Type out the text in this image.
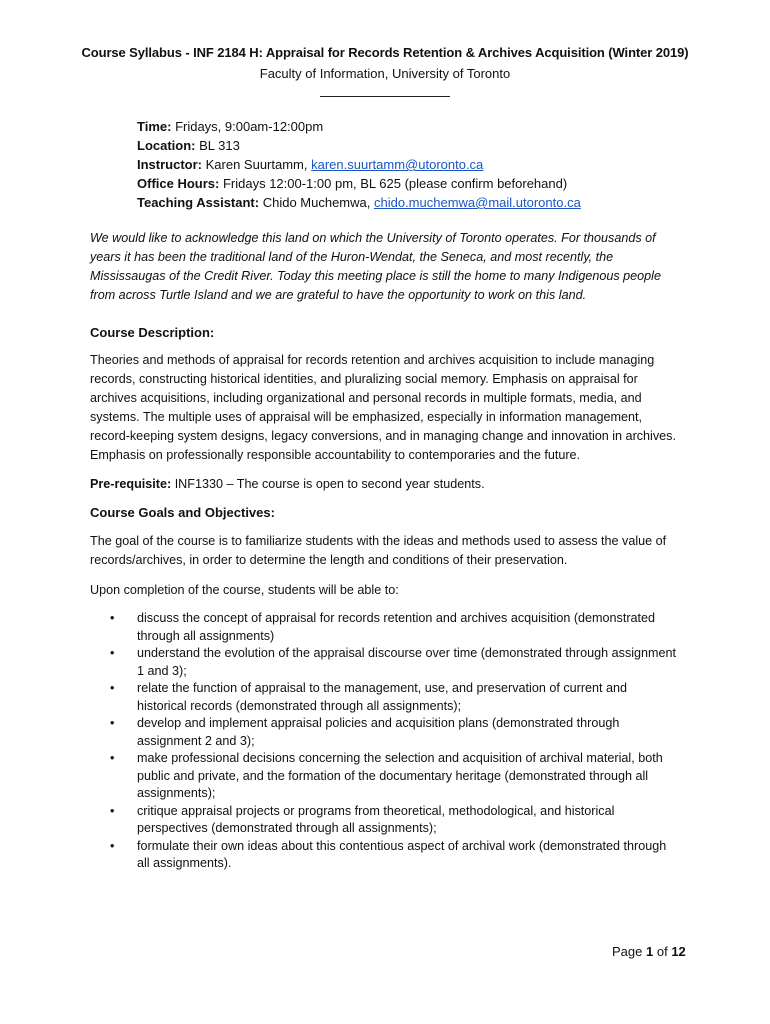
Course Syllabus - INF 2184 H: Appraisal for Records Retention & Archives Acquisition (Winter 2019)
Faculty of Information, University of Toronto
Time: Fridays, 9:00am-12:00pm
Location: BL 313
Instructor: Karen Suurtamm, karen.suurtamm@utoronto.ca
Office Hours: Fridays 12:00-1:00 pm, BL 625 (please confirm beforehand)
Teaching Assistant: Chido Muchemwa, chido.muchemwa@mail.utoronto.ca
We would like to acknowledge this land on which the University of Toronto operates. For thousands of years it has been the traditional land of the Huron-Wendat, the Seneca, and most recently, the Mississaugas of the Credit River. Today this meeting place is still the home to many Indigenous people from across Turtle Island and we are grateful to have the opportunity to work on this land.
Course Description:
Theories and methods of appraisal for records retention and archives acquisition to include managing records, constructing historical identities, and pluralizing social memory. Emphasis on appraisal for archives acquisitions, including organizational and personal records in multiple formats, media, and systems. The multiple uses of appraisal will be emphasized, especially in information management, record-keeping system designs, legacy conversions, and in managing change and innovation in archives. Emphasis on professionally responsible accountability to contemporaries and the future.
Pre-requisite: INF1330 – The course is open to second year students.
Course Goals and Objectives:
The goal of the course is to familiarize students with the ideas and methods used to assess the value of records/archives, in order to determine the length and conditions of their preservation.
Upon completion of the course, students will be able to:
• discuss the concept of appraisal for records retention and archives acquisition (demonstrated through all assignments)
• understand the evolution of the appraisal discourse over time (demonstrated through assignment 1 and 3);
• relate the function of appraisal to the management, use, and preservation of current and historical records (demonstrated through all assignments);
• develop and implement appraisal policies and acquisition plans (demonstrated through assignment 2 and 3);
• make professional decisions concerning the selection and acquisition of archival material, both public and private, and the formation of the documentary heritage (demonstrated through all assignments);
• critique appraisal projects or programs from theoretical, methodological, and historical perspectives (demonstrated through all assignments);
• formulate their own ideas about this contentious aspect of archival work (demonstrated through all assignments).
Page 1 of 12
